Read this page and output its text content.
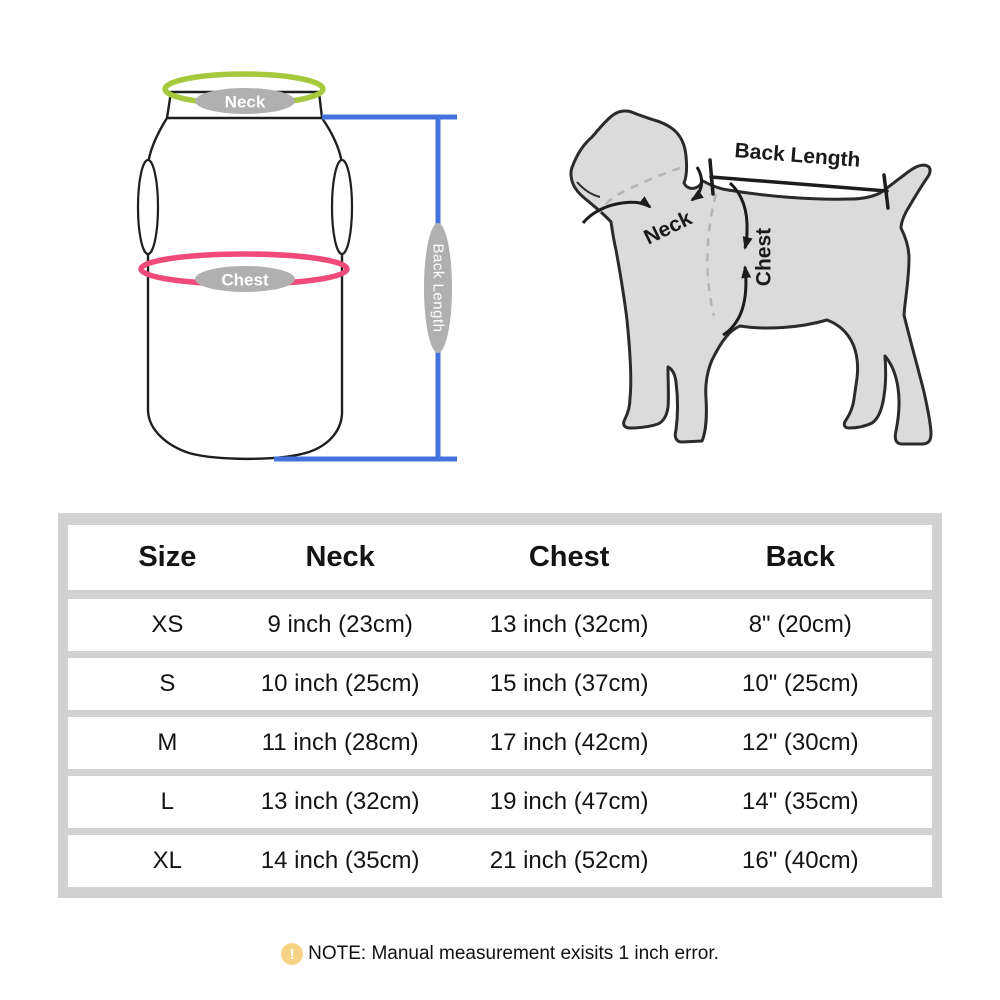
Neck
Chest	Back Length
Back Length
Neck	Chest
Size	Neck	Chest	Back
XS	9 inch (23cm)	13 inch (32cm)	8" (20cm)
S	10 inch (25cm)	15 inch (37cm)	10" (25cm)
M	11 inch (28cm)	17 inch (42cm)	12" (30cm)
L	13 inch (32cm)	19 inch (47cm)	14" (35cm)
XL	14 inch (35cm)	21 inch (52cm)	16" (40cm)
! NOTE: Manual measurement exisits 1 inch error.
